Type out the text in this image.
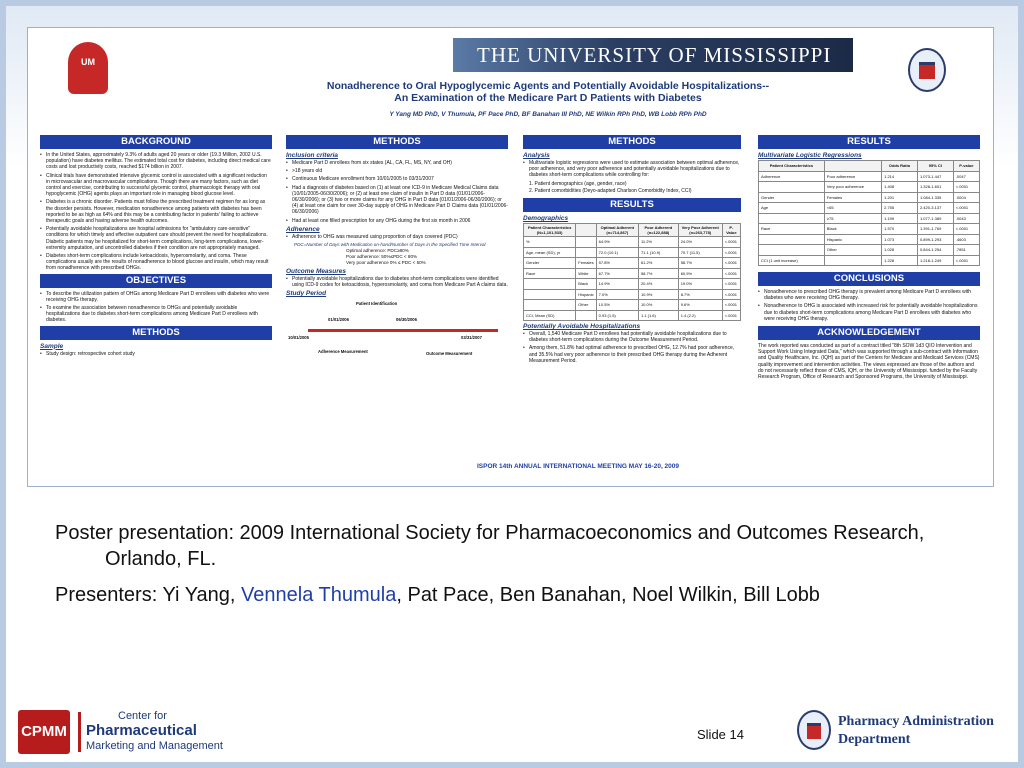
UM	THE UNIVERSITY OF MISSISSIPPI
Nonadherence to Oral Hypoglycemic Agents and Potentially Avoidable Hospitalizations--
An Examination of the Medicare Part D Patients with Diabetes
Y Yang MD PhD, V Thumula, PF Pace PhD, BF Banahan III PhD, NE Wilkin RPh PhD, WB Lobb RPh PhD
BACKGROUND
• In the United States, approximately 9.3% of adults aged 20 years or older (19.3 Million, 2002 U.S. population) have diabetes mellitus. The estimated total cost for diabetes, including direct medical care costs and lost productivity costs, reached $174 billion in 2007.
• Clinical trials have demonstrated intensive glycemic control is associated with a significant reduction in microvascular and macrovascular complications. Though there are many factors, such as diet control and exercise, contributing to successful glycemic control, pharmacologic therapy with oral hypoglycemic (OHG) agents plays an important role in managing blood glucose level.
• Diabetes is a chronic disorder. Patients must follow the prescribed treatment regimen for as long as the disorder persists. However, medication nonadherence among patients with diabetes has been reported to be as high as 64% and this may be a contributing factor in patients' failing to achieve therapeutic goals and having adverse health outcomes.
• Potentially avoidable hospitalizations are hospital admissions for "ambulatory care-sensitive" conditions for which timely and effective outpatient care should prevent the need for hospitalizations. Diabetic patients may be hospitalized for short-term complications, long-term complications, lower-extremity amputation, and uncontrolled diabetes if their condition are not appropriately managed.
• Diabetes short-term complications include ketoacidosis, hyperosmolarity, and coma. These complications usually are the results of nonadherence to blood glucose and insulin, which may result from nonadherence with prescribed OHGs.
OBJECTIVES
• To describe the utilization pattern of OHGs among Medicare Part D enrollees with diabetes who were receiving OHG therapy.
• To examine the association between nonadherence to OHGs and potentially avoidable hospitalizations due to diabetes short-term complications among Medicare Part D enrollees with diabetes.
METHODS
Sample
• Study design: retrospective cohort study
METHODS
Inclusion criteria
• Medicare Part D enrollees from six states (AL, CA, FL, MS, NY, and OH)
• >18 years old
• Continuous Medicare enrollment from 10/01/2005 to 03/31/2007
• Had a diagnosis of diabetes based on (1) at least one ICD-9 in Medicare Medical Claims data (10/01/2005-06/30/2006); or (2) at least one claim of insulin in Part D data (01/01/2006-06/30/2006); or (3) two or more claims for any OHG in Part D data (01/01/2006-06/30/2006); or (4) at least one claim for over 30-day supply of OHG in Medicare Part D Claims data (01/01/2006-06/30/2006)
• Had at least one filled prescription for any OHG during the first six month in 2006
Adherence
• Adherence to OHG was measured using proportion of days covered (PDC)
PDC=Number of Days with Medication on-hand/Number of Days in the Specified Time Interval
Optimal adherence: PDC≥80%
Poor adherence: 50%≤PDC < 80%
Very poor adherence 0% ≤ PDC < 50%
Outcome Measures
• Potentially avoidable hospitalizations due to diabetes short-term complications were identified using ICD-9 codes for ketoacidosis, hyperosmolarity, and coma from Medicare Part A claims data.
Study Period
Patient Identification
01/01/2006	06/30/2006
10/01/2005	03/31/2007
Adherence Measurement	Outcome Measurement
METHODS
Analysis
• Multivariate logistic regressions were used to estimate association between optimal adherence, poor adherence, and very poor adherence and potentially avoidable hospitalizations due to diabetes short-term complications while controlling for:
1. Patient demographics (age, gender, race)
2. Patient comorbidities (Deyo-adapted Charlson Comorbidity Index, CCI)
RESULTS
Demographics
Patient Characteristics (N=1,101,533)		Optimal Adherent (n=714,867)	Poor Adherent (n=122,888)	Very Poor Adherent (n=263,778)	P-Value
%		64.9%	11.2%	24.0%	<.0001
Age, mean (SD), yr		72.0 (10.1)	71.1 (10.9)	70.7 (11.5)	<.0001
Gender	Females	57.8%	61.2%	58.7%	<.0001
Race	White	67.7%	58.7%	60.9%	<.0001
	Black	14.9%	20.4%	19.0%	<.0001
	Hispanic	7.0%	10.9%	8.7%	<.0001
	Other	10.5%	10.0%	9.6%	<.0001
CCI, Mean (SD)		0.93 (1.5)	1.1 (1.6)	1.4 (2.2)	<.0001
Potentially Avoidable Hospitalizations
• Overall, 1,540 Medicare Part D enrollees had potentially avoidable hospitalizations due to diabetes short-term complications during the Outcome Measurement Period.
• Among them, 51.8% had optimal adherence to prescribed OHG, 12.7% had poor adherence, and 35.5% had very poor adherence to their prescribed OHG therapy during the Adherent Measurement Period.
RESULTS
Multivariate Logistic Regressions
Patient Characteristics		Odds Ratio	95% CI	P-value
Adherence	Poor adherence	1.214	1.073-1.447	.0047
	Very poor adherence	1.408	1.328-1.601	<.0001
Gender	Females	1.201	1.084-1.335	.0004
Age	<65	2.755	2.420-3.137	<.0001
	≥75	1.199	1.077-1.389	.0043
Race	Black	1.570	1.391-1.769	<.0001
	Hispanic	1.073	0.899-1.293	.4603
	Other	1.028	0.844-1.254	.7851
CCI (1 unit increase)		1.228	1.218-1.249	<.0001
CONCLUSIONS
• Nonadherence to prescribed OHG therapy is prevalent among Medicare Part D enrollees with diabetes who were receiving OHG therapy.
• Nonadherence to OHG is associated with increased risk for potentially avoidable hospitalizations due to diabetes short-term complications among Medicare Part D enrollees with diabetes who were receiving OHG therapy.
ACKNOWLEDGEMENT
The work reported was conducted as part of a contract titled "8th SOW 1d3 QIO Intervention and Support Work Using Integrated Data," which was supported through a sub-contract with Information and Quality Healthcare, Inc. (IQH) as part of the Centers for Medicare and Medicaid Services (CMS) quality improvement and intervention activities. The views expressed are those of the authors and do not necessarily reflect those of CMS, IQH, or the University of Mississippi. funded by the Faculty Research Program, Office of Research and Sponsored Programs, the University of Mississippi.
ISPOR 14th ANNUAL INTERNATIONAL MEETING MAY 16-20, 2009
Poster presentation: 2009 International Society for Pharmacoeconomics and Outcomes Research, Orlando, FL.
Presenters: Yi Yang, Vennela Thumula, Pat Pace, Ben Banahan, Noel Wilkin, Bill Lobb
CPMM
Center for
Pharmaceutical
Marketing and Management
Slide 14
Pharmacy Administration
Department
